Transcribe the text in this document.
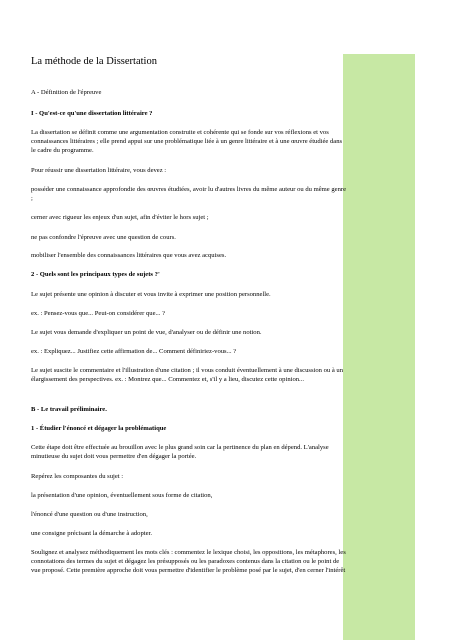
La méthode de la Dissertation
A - Définition de l'épreuve
I - Qu'est-ce qu'une dissertation littéraire ?
La dissertation se définit comme une argumentation construite et cohérente qui se fonde sur vos réflexions et vos connaissances littéraires ; elle prend appui sur une problématique liée à un genre littéraire et à une œuvre étudiée dans le cadre du programme.
Pour réussir une dissertation littéraire, vous devez :
posséder une connaissance approfondie des œuvres étudiées, avoir lu d'autres livres du même auteur ou du même genre ;
cerner avec rigueur les enjeux d'un sujet, afin d'éviter le hors sujet ;
ne pas confondre l'épreuve avec une question de cours.
mobiliser l'ensemble des connaissances littéraires que vous avez acquises.
2 - Quels sont les principaux types de sujets ?'
Le sujet présente une opinion à discuter et vous invite à exprimer une position personnelle.
ex. : Pensez-vous que... Peut-on considérer que... ?
Le sujet vous demande d'expliquer un point de vue, d'analyser ou de définir une notion.
ex. : Expliquez... Justifiez cette affirmation de... Comment définiriez-vous... ?
Le sujet suscite le commentaire et l'illustration d'une citation ; il vous conduit éventuellement à une discussion ou à un élargissement des perspectives. ex. : Montrez que... Commentez et, s'il y a lieu, discutez cette opinion...
B - Le travail préliminaire.
1 - Étudier l'énoncé et dégager la problématique
Cette étape doit être effectuée au brouillon avec le plus grand soin car la pertinence du plan en dépend. L'analyse minutieuse du sujet doit vous permettre d'en dégager la portée.
Repérez les composantes du sujet :
la présentation d'une opinion, éventuellement sous forme de citation,
l'énoncé d'une question ou d'une instruction,
une consigne précisant la démarche à adopter.
Soulignez et analysez méthodiquement les mots clés : commentez le lexique choisi, les oppositions, les métaphores, les connotations des termes du sujet et dégagez les présupposés ou les paradoxes contenus dans la citation ou le point de vue proposé. Cette première approche doit vous permettre d'identifier le problème posé par le sujet, d'en cerner l'intérêt
